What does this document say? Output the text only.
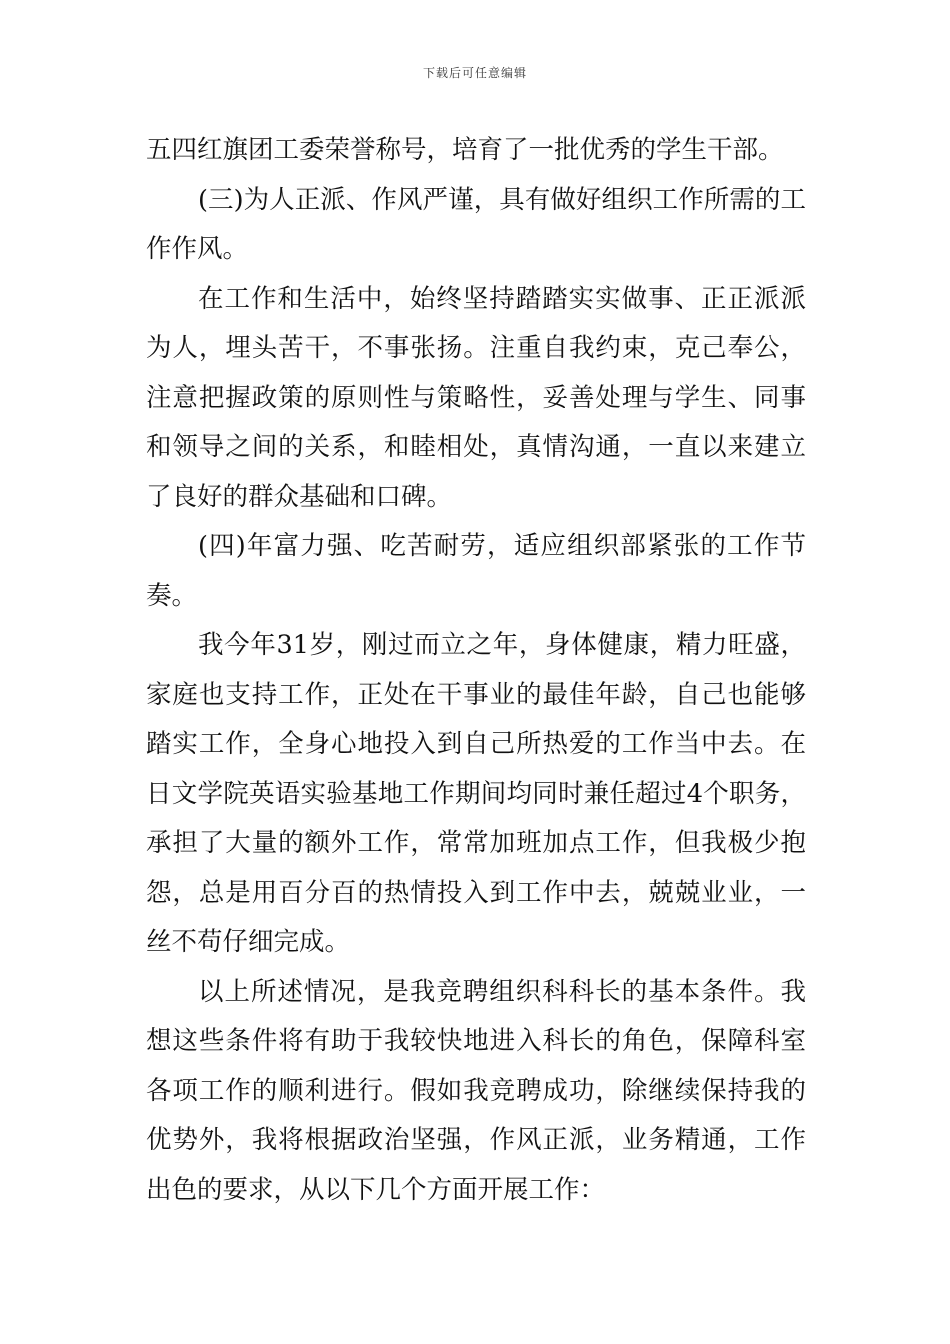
下载后可任意编辑

五四红旗团工委荣誉称号，培育了一批优秀的学生干部。

(三)为人正派、作风严谨，具有做好组织工作所需的工作作风。

在工作和生活中，始终坚持踏踏实实做事、正正派派为人，埋头苦干，不事张扬。注重自我约束，克己奉公，注意把握政策的原则性与策略性，妥善处理与学生、同事和领导之间的关系，和睦相处，真情沟通，一直以来建立了良好的群众基础和口碑。

(四)年富力强、吃苦耐劳，适应组织部紧张的工作节奏。

我今年31岁，刚过而立之年，身体健康，精力旺盛，家庭也支持工作，正处在干事业的最佳年龄，自己也能够踏实工作，全身心地投入到自己所热爱的工作当中去。在日文学院英语实验基地工作期间均同时兼任超过4个职务，承担了大量的额外工作，常常加班加点工作，但我极少抱怨，总是用百分百的热情投入到工作中去，兢兢业业，一丝不苟仔细完成。

以上所述情况，是我竞聘组织科科长的基本条件。我想这些条件将有助于我较快地进入科长的角色，保障科室各项工作的顺利进行。假如我竞聘成功，除继续保持我的优势外，我将根据政治坚强，作风正派，业务精通，工作出色的要求，从以下几个方面开展工作：
